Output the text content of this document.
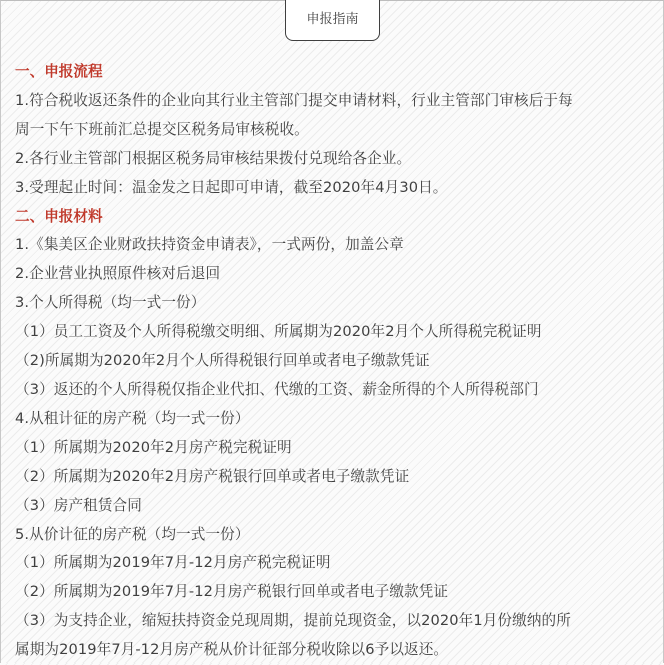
申报指南
一、申报流程
1.符合税收返还条件的企业向其行业主管部门提交申请材料，行业主管部门审核后于每
周一下午下班前汇总提交区税务局审核税收。
2.各行业主管部门根据区税务局审核结果拨付兑现给各企业。
3.受理起止时间：温金发之日起即可申请，截至2020年4月30日。
二、申报材料
1.《集美区企业财政扶持资金申请表》，一式两份，加盖公章
2.企业营业执照原件核对后退回
3.个人所得税（均一式一份）
（1）员工工资及个人所得税缴交明细、所属期为2020年2月个人所得税完税证明
（2)所属期为2020年2月个人所得税银行回单或者电子缴款凭证
（3）返还的个人所得税仅指企业代扣、代缴的工资、薪金所得的个人所得税部门
4.从租计征的房产税（均一式一份）
（1）所属期为2020年2月房产税完税证明
（2）所属期为2020年2月房产税银行回单或者电子缴款凭证
（3）房产租赁合同
5.从价计征的房产税（均一式一份）
（1）所属期为2019年7月-12月房产税完税证明
（2）所属期为2019年7月-12月房产税银行回单或者电子缴款凭证
（3）为支持企业，缩短扶持资金兑现周期，提前兑现资金，以2020年1月份缴纳的所
属期为2019年7月-12月房产税从价计征部分税收除以6予以返还。
